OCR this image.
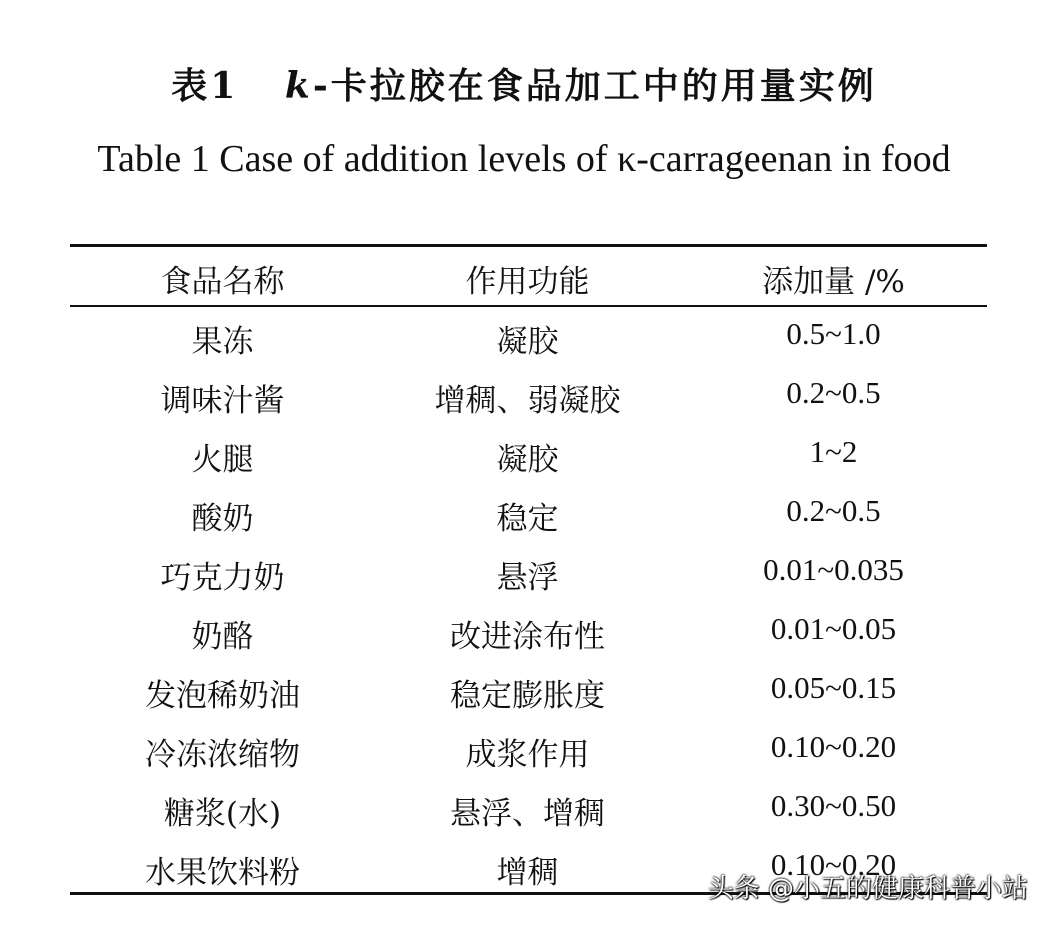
表1 k-卡拉胶在食品加工中的用量实例
Table 1 Case of addition levels of κ-carrageenan in food
食品名称	作用功能	添加量 /%
果冻	凝胶	0.5~1.0
调味汁酱	增稠、弱凝胶	0.2~0.5
火腿	凝胶	1~2
酸奶	稳定	0.2~0.5
巧克力奶	悬浮	0.01~0.035
奶酪	改进涂布性	0.01~0.05
发泡稀奶油	稳定膨胀度	0.05~0.15
冷冻浓缩物	成浆作用	0.10~0.20
糖浆(水)	悬浮、增稠	0.30~0.50
水果饮料粉	增稠	0.10~0.20
头条 @小五的健康科普小站
